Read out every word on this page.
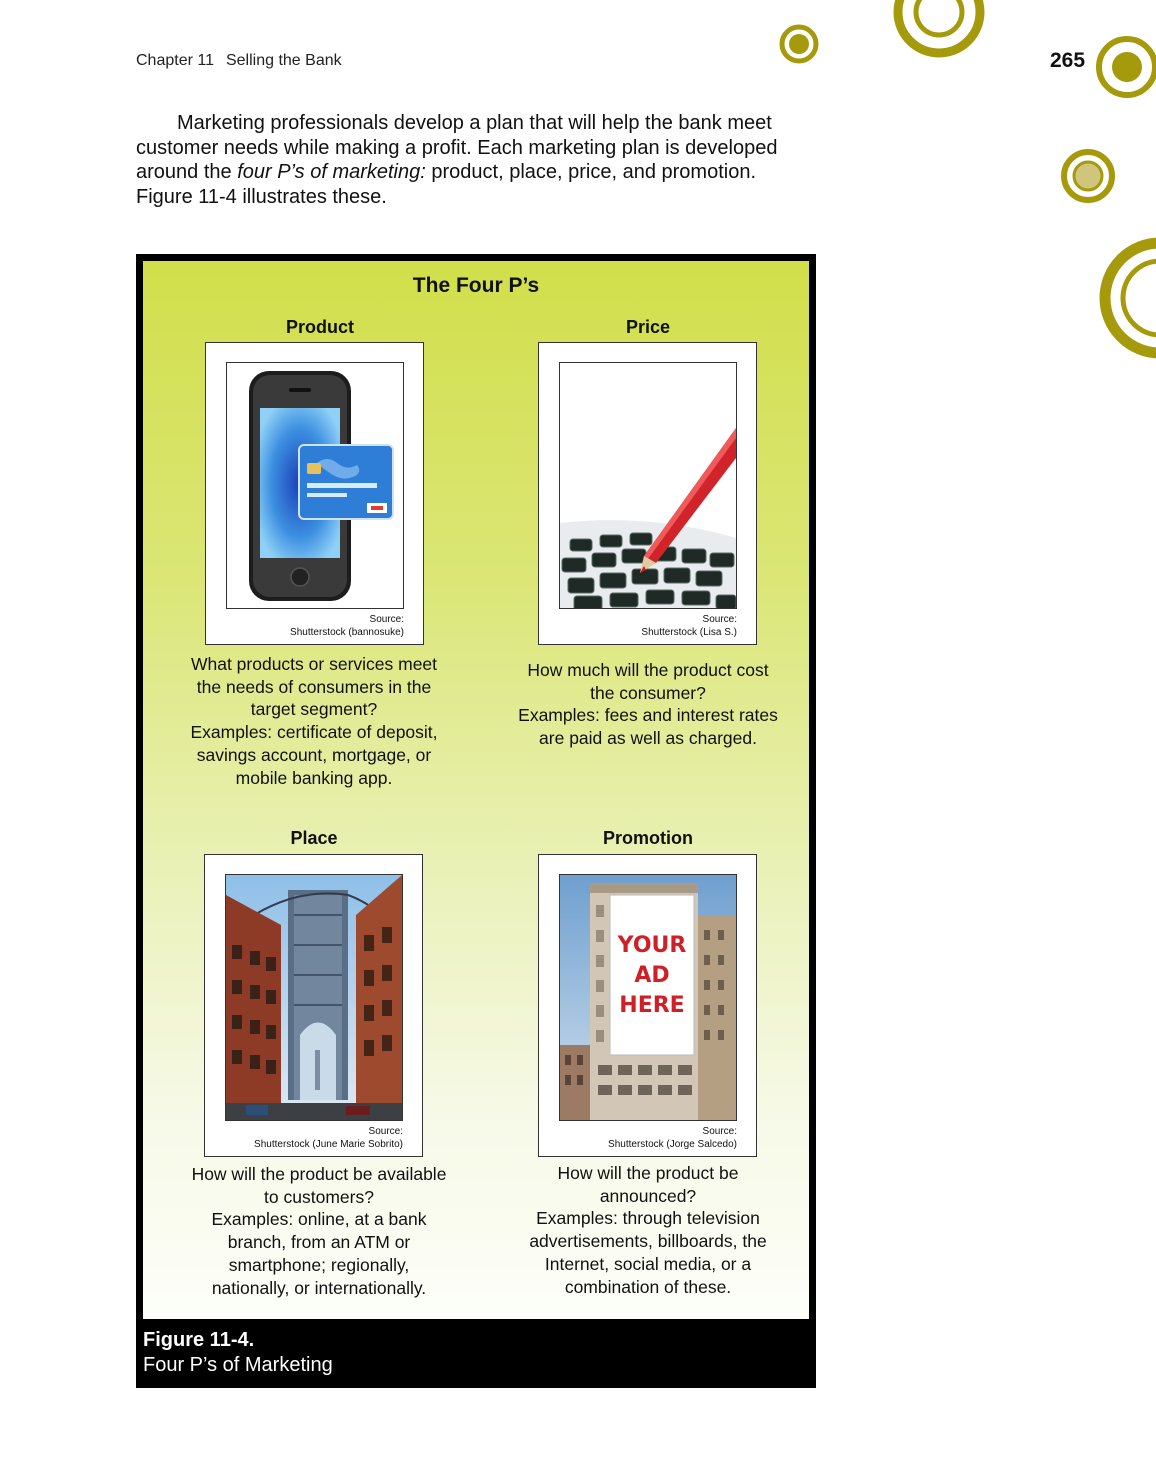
Chapter 11 Selling the Bank	265

Marketing professionals develop a plan that will help the bank meet customer needs while making a profit. Each marketing plan is developed around the four P’s of marketing: product, place, price, and promotion. Figure 11-4 illustrates these.

The Four P’s
Product
Source:
Shutterstock (bannosuke)
What products or services meet
the needs of consumers in the
target segment?
Examples: certificate of deposit,
savings account, mortgage, or
mobile banking app.
Price
Source:
Shutterstock (Lisa S.)
How much will the product cost
the consumer?
Examples: fees and interest rates
are paid as well as charged.
Place
Source:
Shutterstock (June Marie Sobrito)
How will the product be available
to customers?
Examples: online, at a bank
branch, from an ATM or
smartphone; regionally,
nationally, or internationally.
Promotion
YOUR
AD
HERE
Source:
Shutterstock (Jorge Salcedo)
How will the product be
announced?
Examples: through television
advertisements, billboards, the
Internet, social media, or a
combination of these.
Figure 11-4.
Four P’s of Marketing
